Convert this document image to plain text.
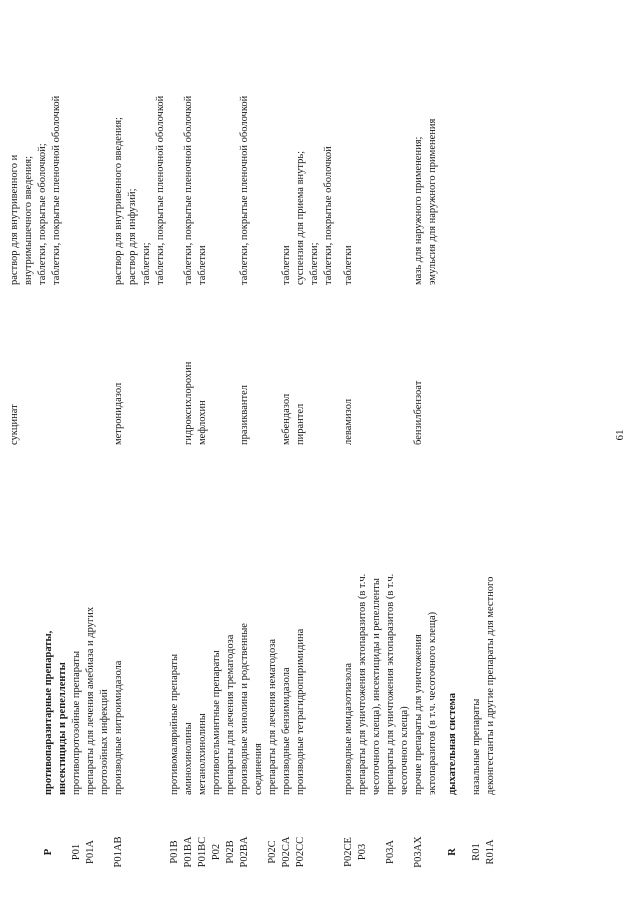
61
сукцинат
раствор для внутривенного и внутримышечного введения; таблетки, покрытые оболочкой; таблетки, покрытые пленочной оболочкой
P
противопаразитарные препараты, инсектициды и репелленты
P01
противопротозойные препараты
P01A
препараты для лечения амебиаза и других протозойных инфекций
P01AB
производные нитроимидазола
метронидазол
раствор для внутривенного введения; раствор для инфузий; таблетки; таблетки, покрытые пленочной оболочкой
P01B
противомалярийные препараты
P01BA
аминохинолины
гидроксихлорохин
таблетки, покрытые пленочной оболочкой
P01BC
метанолхинолины
мефлохин
таблетки
P02
противогельминтные препараты
P02B
препараты для лечения трематодоза
P02BA
производные хинолина и родственные соединения
празиквантел
таблетки, покрытые пленочной оболочкой
P02C
препараты для лечения нематодоза
P02CA
производные бензимидазола
мебендазол
таблетки
P02CC
производные тетрагидропиримидина
пирантел
суспензия для приема внутрь; таблетки; таблетки, покрытые оболочкой
P02CE
производные имидазотиазола
левамизол
таблетки
P03
препараты для уничтожения эктопаразитов (в т.ч. чесоточного клеща), инсектициды и репелленты
P03A
препараты для уничтожения эктопаразитов (в т.ч. чесоточного клеща)
P03AX
прочие препараты для уничтожения эктопаразитов (в т.ч. чесоточного клеща)
бензилбензоат
мазь для наружного применения; эмульсия для наружного применения
R
дыхательная система
R01
назальные препараты
R01A
деконгестанты и другие препараты для местного
